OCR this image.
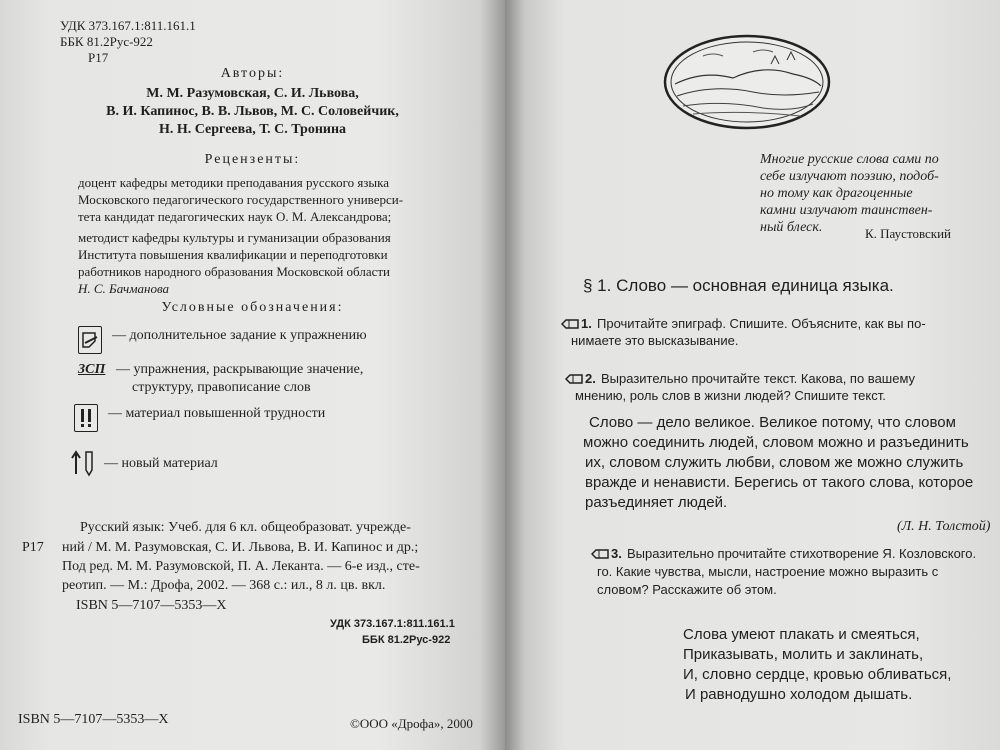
УДК 373.167.1:811.161.1
ББК 81.2Рус-922
Р17
Авторы:
М. М. Разумовская, С. И. Львова,
В. И. Капинос, В. В. Львов, М. С. Соловейчик,
Н. Н. Сергеева, Т. С. Тронина
Рецензенты:
доцент кафедры методики преподавания русского языка
Московского педагогического государственного универси-
тета кандидат педагогических наук О. М. Александрова;
методист кафедры культуры и гуманизации образования
Института повышения квалификации и переподготовки
работников народного образования Московской области
Н. С. Бачманова
Условные обозначения:
— дополнительное задание к упражнению
ЗСП — упражнения, раскрывающие значение,
структуру, правописание слов
— материал повышенной трудности
— новый материал
Русский язык: Учеб. для 6 кл. общеобразоват. учрежде-
Р17 ний / М. М. Разумовская, С. И. Львова, В. И. Капинос и др.;
Под ред. М. М. Разумовской, П. А. Леканта. — 6-е изд., сте-
реотип. — М.: Дрофа, 2002. — 368 с.: ил., 8 л. цв. вкл.
ISBN 5—7107—5353—X
УДК 373.167.1:811.161.1
ББК 81.2Рус-922
ISBN 5—7107—5353—X	©ООО «Дрофа», 2000
Многие русские слова сами по
себе излучают поэзию, подоб-
но тому как драгоценные
камни излучают таинствен-
ный блеск.	К. Паустовский
§ 1. Слово — основная единица языка.
1. Прочитайте эпиграф. Спишите. Объясните, как вы по-
нимаете это высказывание.
2. Выразительно прочитайте текст. Какова, по вашему
мнению, роль слов в жизни людей? Спишите текст.
Слово — дело великое. Великое потому, что словом
можно соединить людей, словом можно и разъединить
их, словом служить любви, словом же можно служить
вражде и ненависти. Берегись от такого слова, которое
разъединяет людей.
(Л. Н. Толстой)
3. Выразительно прочитайте стихотворение Я. Козловского.
го. Какие чувства, мысли, настроение можно выразить с
словом? Расскажите об этом.
Слова умеют плакать и смеяться,
Приказывать, молить и заклинать,
И, словно сердце, кровью обливаться,
И равнодушно холодом дышать.
